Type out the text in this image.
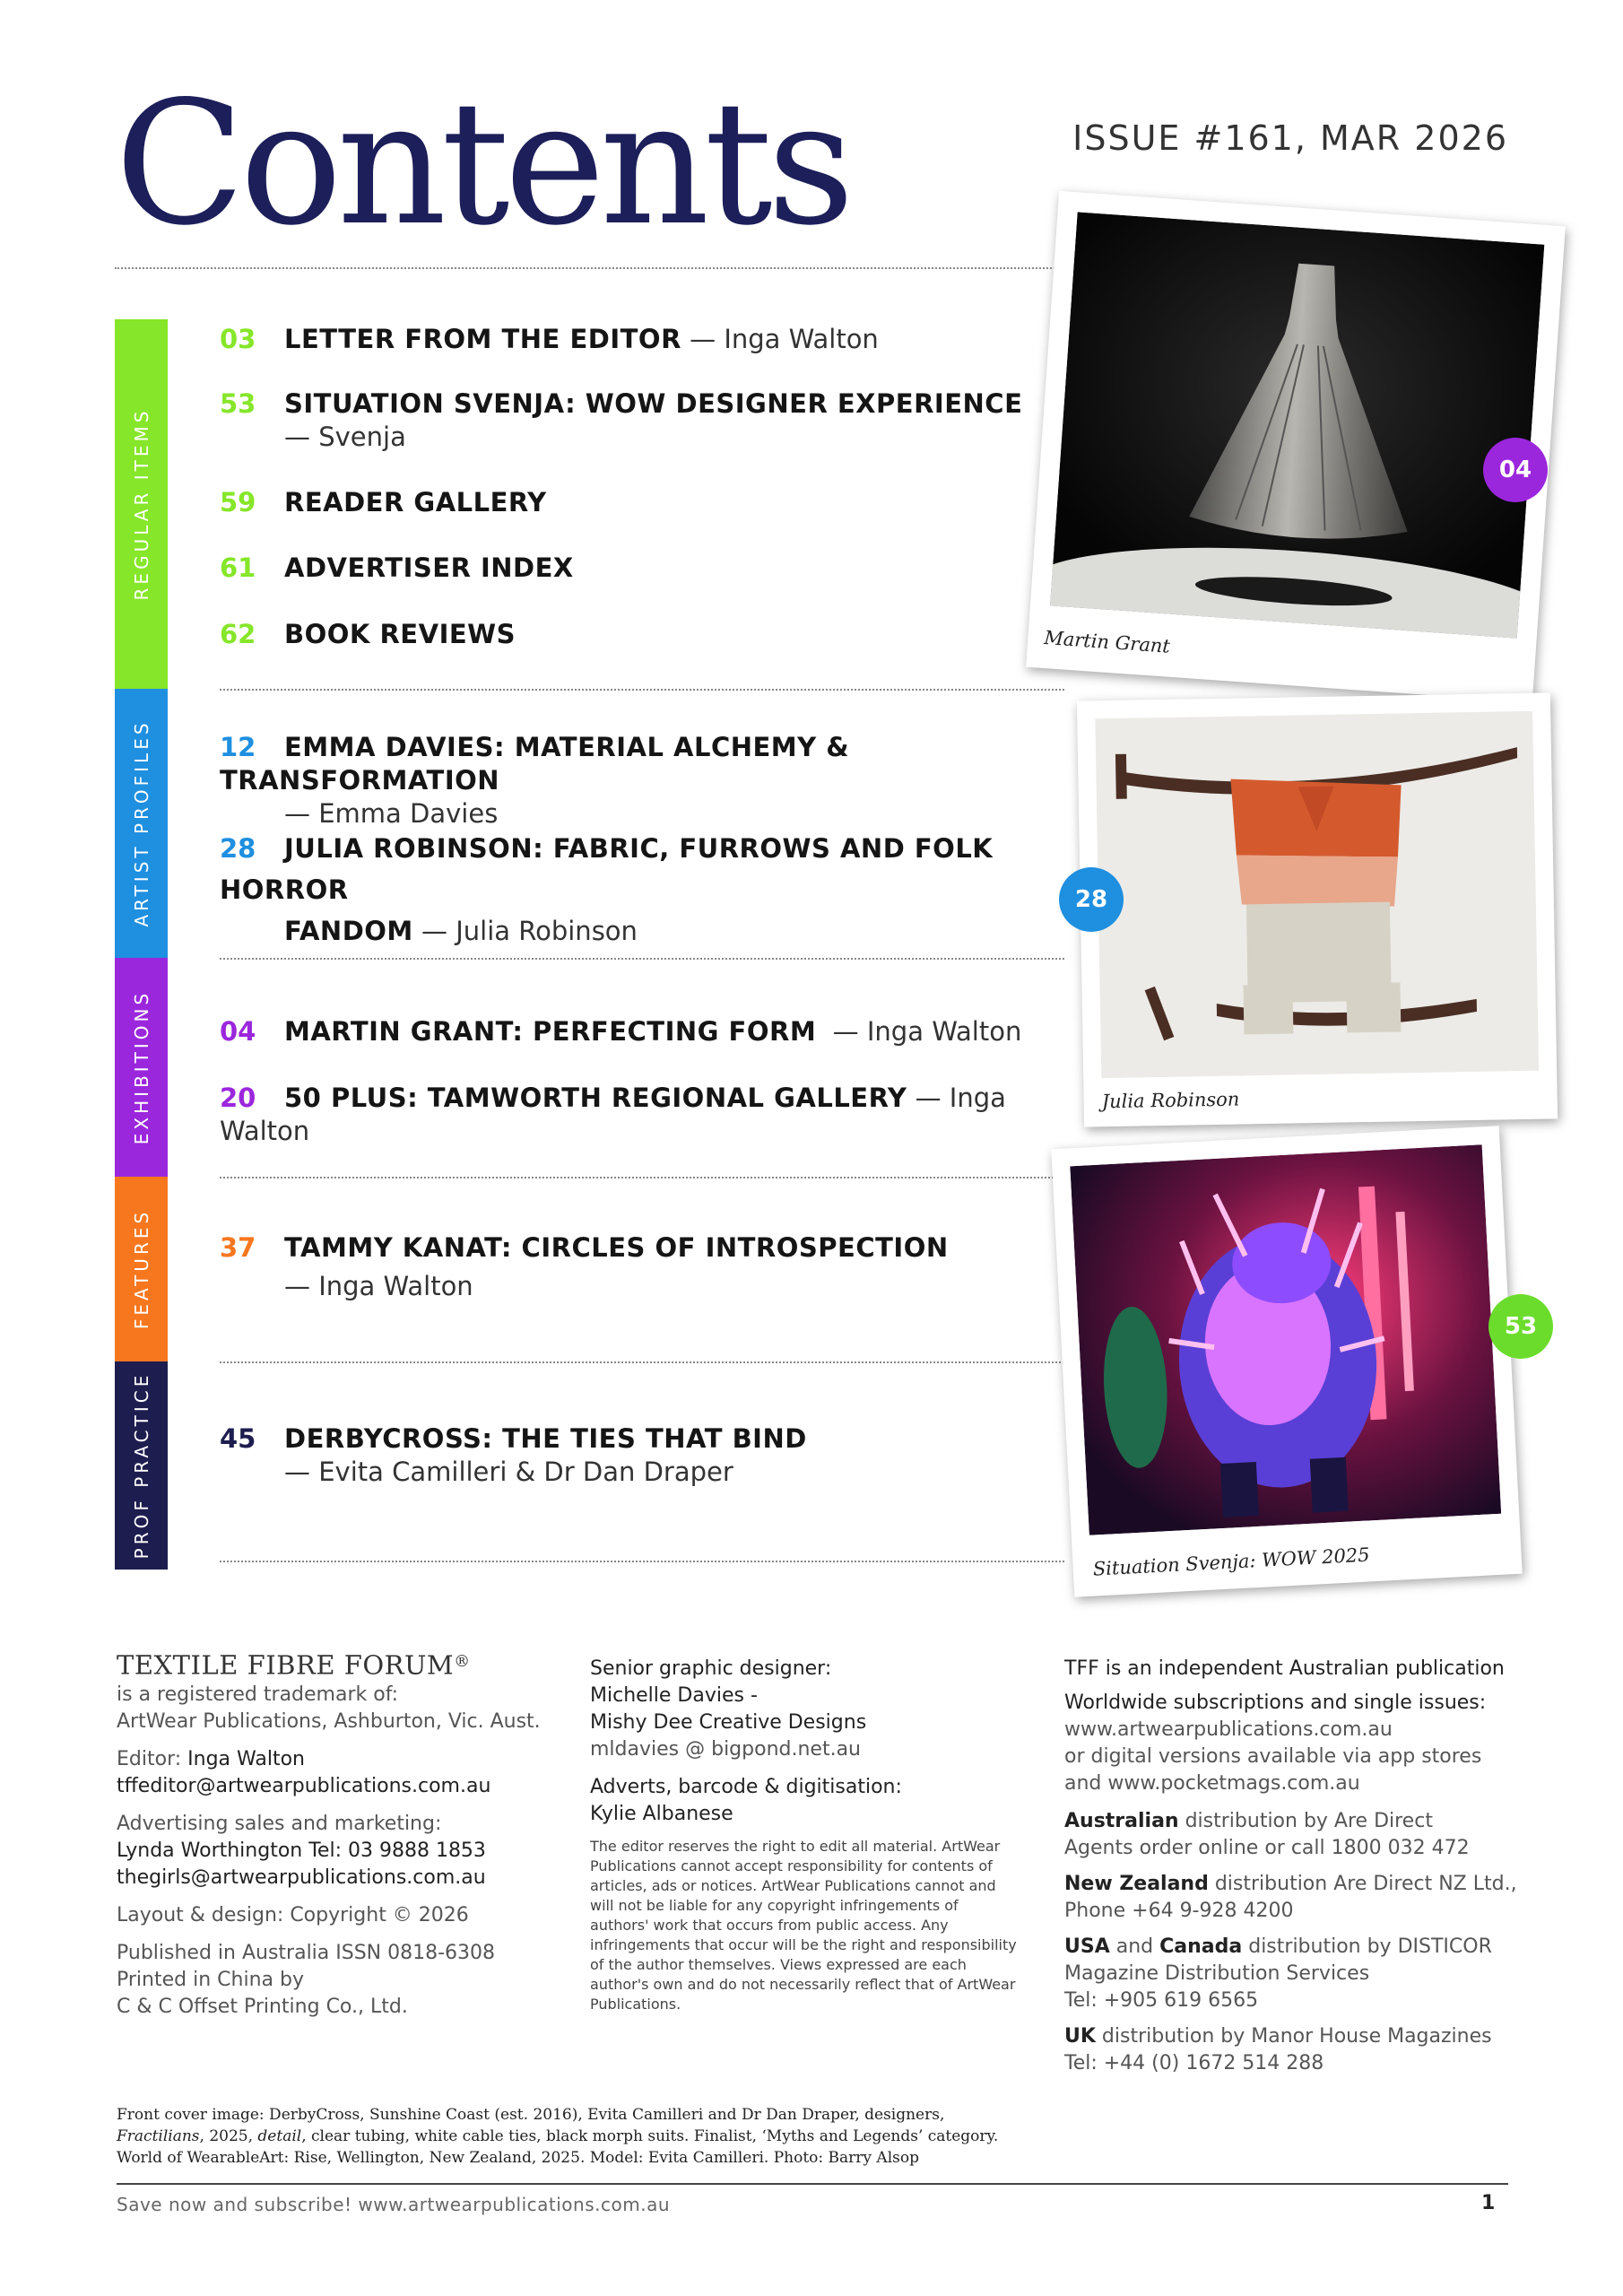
Contents	ISSUE #161, MAR 2026
REGULAR ITEMS
ARTIST PROFILES
EXHIBITIONS
FEATURES
PROF PRACTICE
03 LETTER FROM THE EDITOR — Inga Walton
53 SITUATION SVENJA: WOW DESIGNER EXPERIENCE
— Svenja
59 READER GALLERY
61 ADVERTISER INDEX
62 BOOK REVIEWS
12 EMMA DAVIES: MATERIAL ALCHEMY & TRANSFORMATION
— Emma Davies
28 JULIA ROBINSON: FABRIC, FURROWS AND FOLK HORROR
FANDOM — Julia Robinson
04 MARTIN GRANT: PERFECTING FORM — Inga Walton
20 50 PLUS: TAMWORTH REGIONAL GALLERY — Inga Walton
37 TAMMY KANAT: CIRCLES OF INTROSPECTION
— Inga Walton
45 DERBYCROSS: THE TIES THAT BIND
— Evita Camilleri & Dr Dan Draper
Martin Grant
04
Julia Robinson
28
Situation Svenja: WOW 2025
53
TEXTILE FIBRE FORUM®
is a registered trademark of:
ArtWear Publications, Ashburton, Vic. Aust.
Editor: Inga Walton
tffeditor@artwearpublications.com.au
Advertising sales and marketing:
Lynda Worthington Tel: 03 9888 1853
thegirls@artwearpublications.com.au
Layout & design: Copyright © 2026
Published in Australia ISSN 0818-6308
Printed in China by
C & C Offset Printing Co., Ltd.
Senior graphic designer:
Michelle Davies -
Mishy Dee Creative Designs
mldavies @ bigpond.net.au
Adverts, barcode & digitisation:
Kylie Albanese
The editor reserves the right to edit all material. ArtWear Publications cannot accept responsibility for contents of articles, ads or notices. ArtWear Publications cannot and will not be liable for any copyright infringements of authors' work that occurs from public access. Any infringements that occur will be the right and responsibility of the author themselves. Views expressed are each author's own and do not necessarily reflect that of ArtWear Publications.
TFF is an independent Australian publication
Worldwide subscriptions and single issues:
www.artwearpublications.com.au
or digital versions available via app stores
and www.pocketmags.com.au
Australian distribution by Are Direct
Agents order online or call 1800 032 472
New Zealand distribution Are Direct NZ Ltd.,
Phone +64 9-928 4200
USA and Canada distribution by DISTICOR
Magazine Distribution Services
Tel: +905 619 6565
UK distribution by Manor House Magazines
Tel: +44 (0) 1672 514 288
Front cover image: DerbyCross, Sunshine Coast (est. 2016), Evita Camilleri and Dr Dan Draper, designers, Fractilians, 2025, detail, clear tubing, white cable ties, black morph suits. Finalist, ‘Myths and Legends’ category. World of WearableArt: Rise, Wellington, New Zealand, 2025. Model: Evita Camilleri. Photo: Barry Alsop
Save now and subscribe! www.artwearpublications.com.au	1
